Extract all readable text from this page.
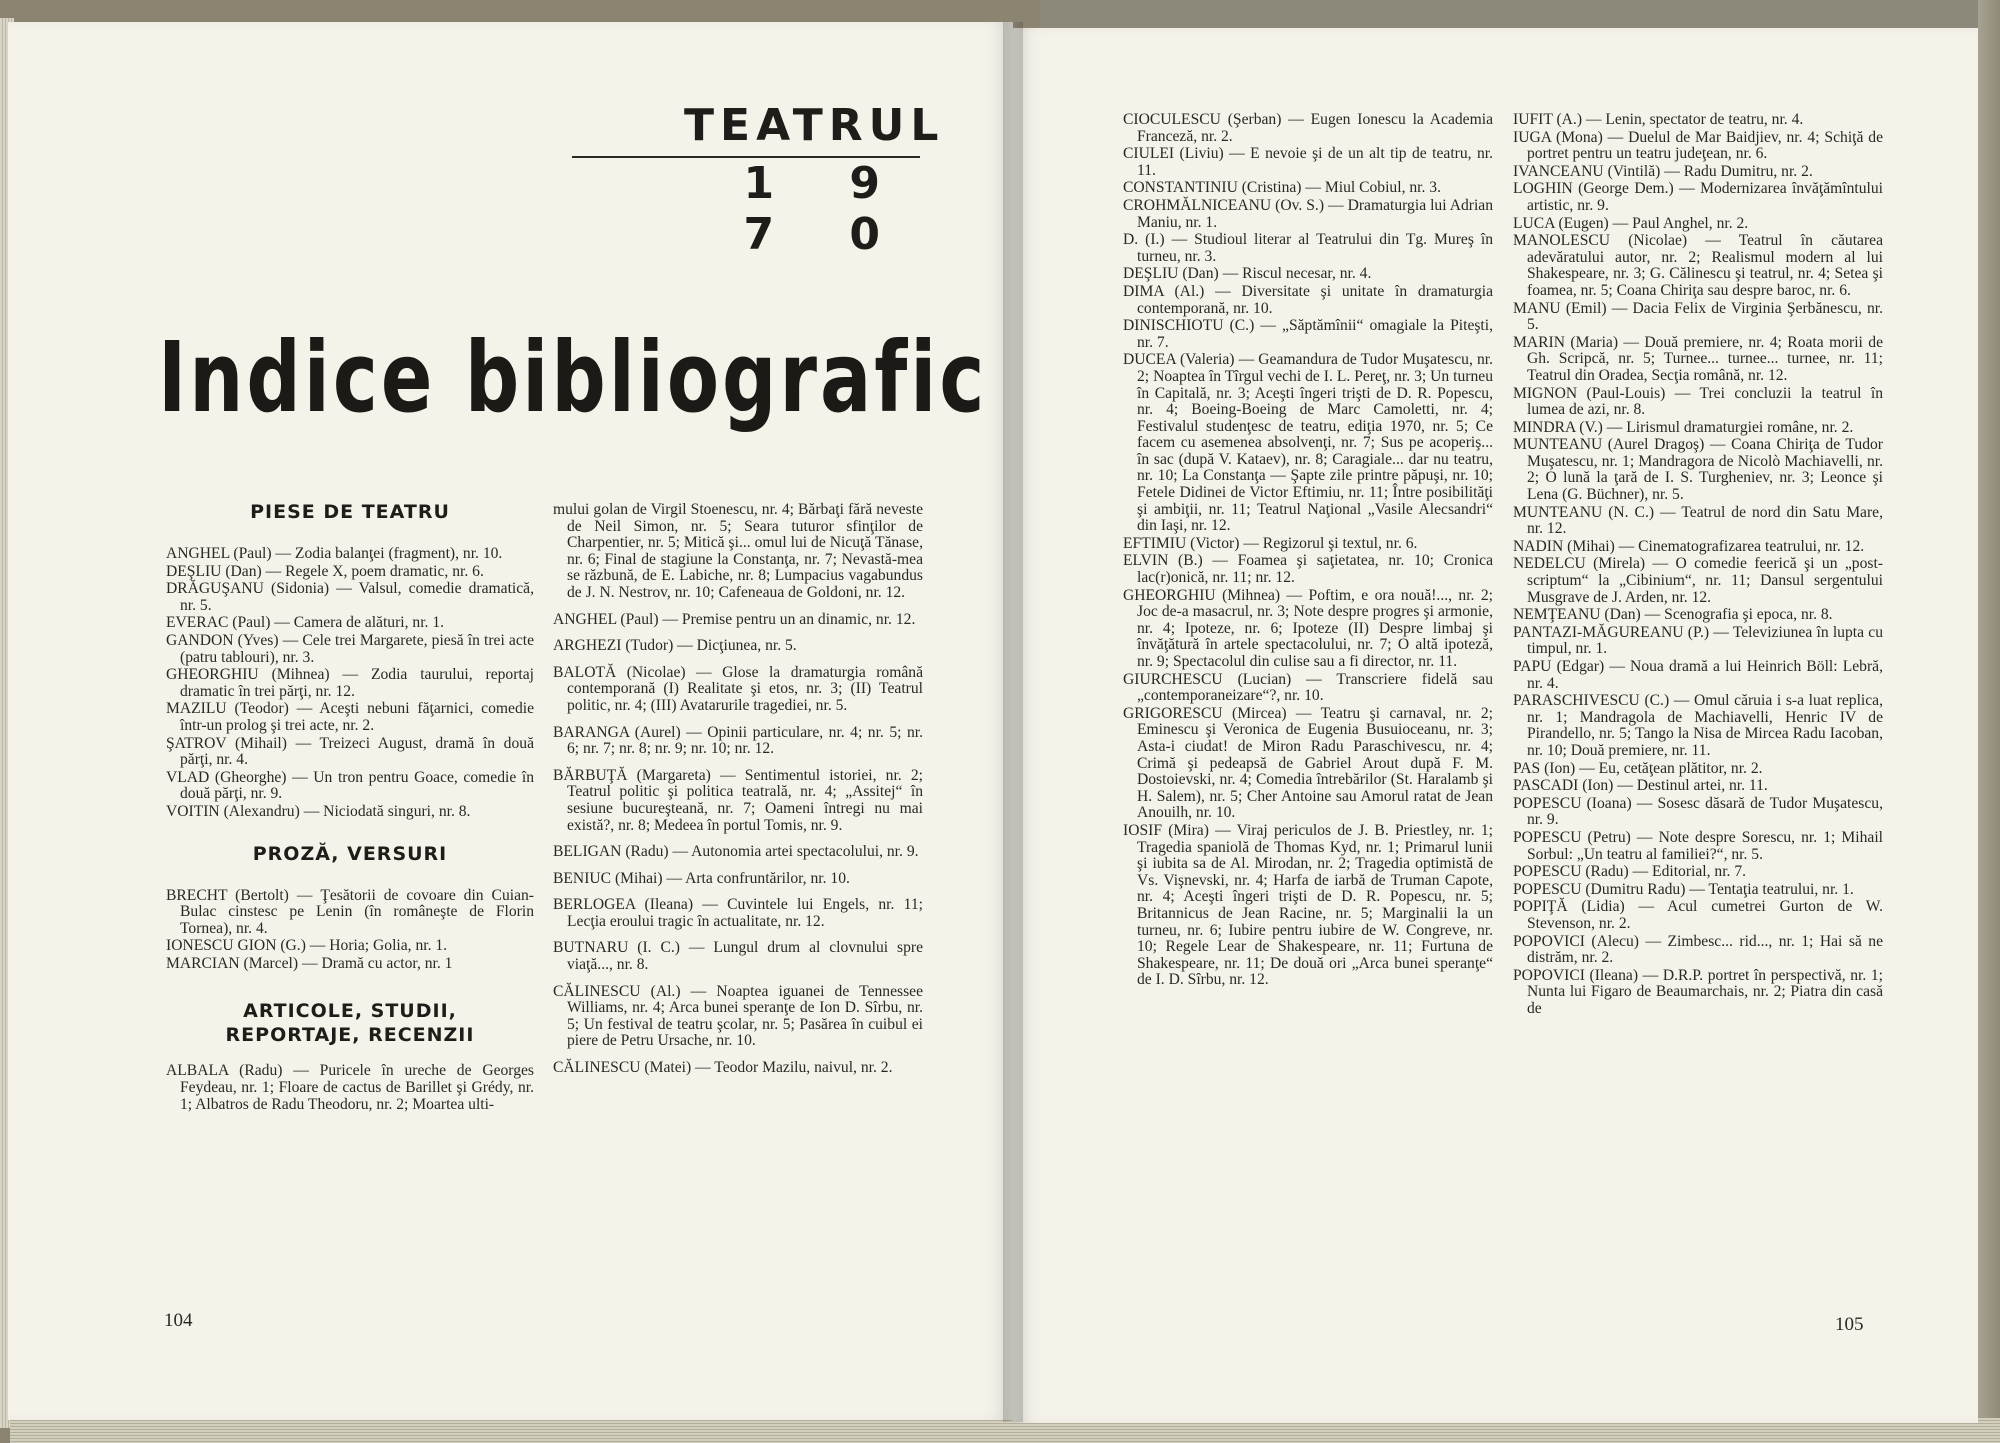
TEATRUL
1 9 7 0
Indice bibliografic

PIESE DE TEATRU

ANGHEL (Paul) — Zodia balanţei (fragment), nr. 10.

DEŞLIU (Dan) — Regele X, poem dramatic, nr. 6.

DRĂGUŞANU (Sidonia) — Valsul, comedie dramatică, nr. 5.

EVERAC (Paul) — Camera de alături, nr. 1.

GANDON (Yves) — Cele trei Margarete, piesă în trei acte (patru tablouri), nr. 3.

GHEORGHIU (Mihnea) — Zodia taurului, reportaj dramatic în trei părţi, nr. 12.

MAZILU (Teodor) — Aceşti nebuni făţarnici, comedie într-un prolog şi trei acte, nr. 2.

ŞATROV (Mihail) — Treizeci August, dramă în două părţi, nr. 4.

VLAD (Gheorghe) — Un tron pentru Goace, comedie în două părţi, nr. 9.

VOITIN (Alexandru) — Niciodată singuri, nr. 8.

PROZĂ, VERSURI

BRECHT (Bertolt) — Ţesătorii de covoare din Cuian-Bulac cinstesc pe Lenin (în româneşte de Florin Tornea), nr. 4.

IONESCU GION (G.) — Horia; Golia, nr. 1.

MARCIAN (Marcel) — Dramă cu actor, nr. 1

ARTICOLE, STUDII, REPORTAJE, RECENZII

ALBALA (Radu) — Puricele în ureche de Georges Feydeau, nr. 1; Floare de cactus de Barillet şi Grédy, nr. 1; Albatros de Radu Theodoru, nr. 2; Moartea ulti-

mului golan de Virgil Stoenescu, nr. 4; Bărbaţi fără neveste de Neil Simon, nr. 5; Seara tuturor sfinţilor de Charpentier, nr. 5; Mitică şi... omul lui de Nicuţă Tănase, nr. 6; Final de stagiune la Constanţa, nr. 7; Nevastă-mea se răzbună, de E. Labiche, nr. 8; Lumpacius vagabundus de J. N. Nestrov, nr. 10; Cafeneaua de Goldoni, nr. 12.

ANGHEL (Paul) — Premise pentru un an dinamic, nr. 12.

ARGHEZI (Tudor) — Dicţiunea, nr. 5.

BALOTĂ (Nicolae) — Glose la dramaturgia română contemporană (I) Realitate şi etos, nr. 3; (II) Teatrul politic, nr. 4; (III) Avatarurile tragediei, nr. 5.

BARANGA (Aurel) — Opinii particulare, nr. 4; nr. 5; nr. 6; nr. 7; nr. 8; nr. 9; nr. 10; nr. 12.

BĂRBUŢĂ (Margareta) — Sentimentul istoriei, nr. 2; Teatrul politic şi politica teatrală, nr. 4; „Assitej“ în sesiune bucureşteană, nr. 7; Oameni întregi nu mai există?, nr. 8; Medeea în portul Tomis, nr. 9.

BELIGAN (Radu) — Autonomia artei spectacolului, nr. 9.

BENIUC (Mihai) — Arta confruntărilor, nr. 10.

BERLOGEA (Ileana) — Cuvintele lui Engels, nr. 11; Lecţia eroului tragic în actualitate, nr. 12.

BUTNARU (I. C.) — Lungul drum al clovnului spre viaţă..., nr. 8.

CĂLINESCU (Al.) — Noaptea iguanei de Tennessee Williams, nr. 4; Arca bunei speranţe de Ion D. Sîrbu, nr. 5; Un festival de teatru şcolar, nr. 5; Pasărea în cuibul ei piere de Petru Ursache, nr. 10.

CĂLINESCU (Matei) — Teodor Mazilu, naivul, nr. 2.

104

CIOCULESCU (Şerban) — Eugen Ionescu la Academia Franceză, nr. 2.

CIULEI (Liviu) — E nevoie şi de un alt tip de teatru, nr. 11.

CONSTANTINIU (Cristina) — Miul Cobiul, nr. 3.

CROHMĂLNICEANU (Ov. S.) — Dramaturgia lui Adrian Maniu, nr. 1.

D. (I.) — Studioul literar al Teatrului din Tg. Mureş în turneu, nr. 3.

DEŞLIU (Dan) — Riscul necesar, nr. 4.

DIMA (Al.) — Diversitate şi unitate în dramaturgia contemporană, nr. 10.

DINISCHIOTU (C.) — „Săptămînii“ omagiale la Piteşti, nr. 7.

DUCEA (Valeria) — Geamandura de Tudor Muşatescu, nr. 2; Noaptea în Tîrgul vechi de I. L. Pereţ, nr. 3; Un turneu în Capitală, nr. 3; Aceşti îngeri trişti de D. R. Popescu, nr. 4; Boeing-Boeing de Marc Camoletti, nr. 4; Festivalul studenţesc de teatru, ediţia 1970, nr. 5; Ce facem cu asemenea absolvenţi, nr. 7; Sus pe acoperiş... în sac (după V. Kataev), nr. 8; Caragiale... dar nu teatru, nr. 10; La Constanţa — Şapte zile printre păpuşi, nr. 10; Fetele Didinei de Victor Eftimiu, nr. 11; Între posibilităţi şi ambiţii, nr. 11; Teatrul Naţional „Vasile Alecsandri“ din Iaşi, nr. 12.

EFTIMIU (Victor) — Regizorul şi textul, nr. 6.

ELVIN (B.) — Foamea şi saţietatea, nr. 10; Cronica lac(r)onică, nr. 11; nr. 12.

GHEORGHIU (Mihnea) — Poftim, e ora nouă!..., nr. 2; Joc de-a masacrul, nr. 3; Note despre progres şi armonie, nr. 4; Ipoteze, nr. 6; Ipoteze (II) Despre limbaj şi învăţătură în artele spectacolului, nr. 7; O altă ipoteză, nr. 9; Spectacolul din culise sau a fi director, nr. 11.

GIURCHESCU (Lucian) — Transcriere fidelă sau „contemporaneizare“?, nr. 10.

GRIGORESCU (Mircea) — Teatru şi carnaval, nr. 2; Eminescu şi Veronica de Eugenia Busuioceanu, nr. 3; Asta-i ciudat! de Miron Radu Paraschivescu, nr. 4; Crimă şi pedeapsă de Gabriel Arout după F. M. Dostoievski, nr. 4; Comedia întrebărilor (St. Haralamb şi H. Salem), nr. 5; Cher Antoine sau Amorul ratat de Jean Anouilh, nr. 10.

IOSIF (Mira) — Viraj periculos de J. B. Priestley, nr. 1; Tragedia spaniolă de Thomas Kyd, nr. 1; Primarul lunii şi iubita sa de Al. Mirodan, nr. 2; Tragedia optimistă de Vs. Vişnevski, nr. 4; Harfa de iarbă de Truman Capote, nr. 4; Aceşti îngeri trişti de D. R. Popescu, nr. 5; Britannicus de Jean Racine, nr. 5; Marginalii la un turneu, nr. 6; Iubire pentru iubire de W. Congreve, nr. 10; Regele Lear de Shakespeare, nr. 11; Furtuna de Shakespeare, nr. 11; De două ori „Arca bunei speranţe“ de I. D. Sîrbu, nr. 12.

IUFIT (A.) — Lenin, spectator de teatru, nr. 4.

IUGA (Mona) — Duelul de Mar Baidjiev, nr. 4; Schiţă de portret pentru un teatru judeţean, nr. 6.

IVANCEANU (Vintilă) — Radu Dumitru, nr. 2.

LOGHIN (George Dem.) — Modernizarea învăţămîntului artistic, nr. 9.

LUCA (Eugen) — Paul Anghel, nr. 2.

MANOLESCU (Nicolae) — Teatrul în căutarea adevăratului autor, nr. 2; Realismul modern al lui Shakespeare, nr. 3; G. Călinescu şi teatrul, nr. 4; Setea şi foamea, nr. 5; Coana Chiriţa sau despre baroc, nr. 6.

MANU (Emil) — Dacia Felix de Virginia Şerbănescu, nr. 5.

MARIN (Maria) — Două premiere, nr. 4; Roata morii de Gh. Scripcă, nr. 5; Turnee... turnee... turnee, nr. 11; Teatrul din Oradea, Secţia română, nr. 12.

MIGNON (Paul-Louis) — Trei concluzii la teatrul în lumea de azi, nr. 8.

MINDRA (V.) — Lirismul dramaturgiei române, nr. 2.

MUNTEANU (Aurel Dragoş) — Coana Chiriţa de Tudor Muşatescu, nr. 1; Mandragora de Nicolò Machiavelli, nr. 2; O lună la ţară de I. S. Turgheniev, nr. 3; Leonce şi Lena (G. Büchner), nr. 5.

MUNTEANU (N. C.) — Teatrul de nord din Satu Mare, nr. 12.

NADIN (Mihai) — Cinematografizarea teatrului, nr. 12.

NEDELCU (Mirela) — O comedie feerică şi un „post-scriptum“ la „Cibinium“, nr. 11; Dansul sergentului Musgrave de J. Arden, nr. 12.

NEMŢEANU (Dan) — Scenografia şi epoca, nr. 8.

PANTAZI-MĂGUREANU (P.) — Televiziunea în lupta cu timpul, nr. 1.

PAPU (Edgar) — Noua dramă a lui Heinrich Böll: Lebră, nr. 4.

PARASCHIVESCU (C.) — Omul căruia i s-a luat replica, nr. 1; Mandragola de Machiavelli, Henric IV de Pirandello, nr. 5; Tango la Nisa de Mircea Radu Iacoban, nr. 10; Două premiere, nr. 11.

PAS (Ion) — Eu, cetăţean plătitor, nr. 2.

PASCADI (Ion) — Destinul artei, nr. 11.

POPESCU (Ioana) — Sosesc dăsară de Tudor Muşatescu, nr. 9.

POPESCU (Petru) — Note despre Sorescu, nr. 1; Mihail Sorbul: „Un teatru al familiei?“, nr. 5.

POPESCU (Radu) — Editorial, nr. 7.

POPESCU (Dumitru Radu) — Tentaţia teatrului, nr. 1.

POPIŢĂ (Lidia) — Acul cumetrei Gurton de W. Stevenson, nr. 2.

POPOVICI (Alecu) — Zimbesc... rid..., nr. 1; Hai să ne distrăm, nr. 2.

POPOVICI (Ileana) — D.R.P. portret în perspectivă, nr. 1; Nunta lui Figaro de Beaumarchais, nr. 2; Piatra din casă de

105
